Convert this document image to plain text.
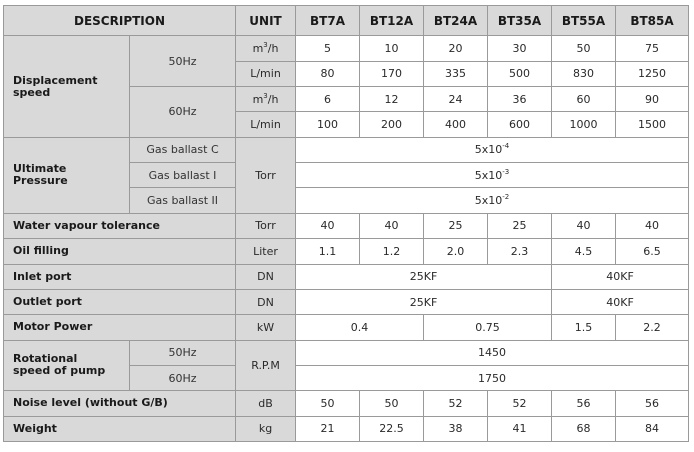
DESCRIPTION		UNIT	BT7A	BT12A	BT24A	BT35A	BT55A	BT85A
Displacement
speed	50Hz	$m^3/h$	5	10	20	30	50	75
		L/min	80	170	335	500	830	1250
	60Hz	$m^3/h$	6	12	24	36	60	90
		L/min	100	200	400	600	1000	1500
Ultimate
Pressure	Gas ballast C	Torr	$5x10^{-4}$
	Gas ballast I		$5x10^{-3}$
	Gas ballast II		$5x10^{-2}$
Water vapour tolerance		Torr	40	40	25	25	40	40
Oil filling		Liter	1.1	1.2	2.0	2.3	4.5	6.5
Inlet port		DN	25KF				40KF	
Outlet port		DN	25KF				40KF	
Motor Power		kW	0.4		0.75		1.5	2.2
Rotational
speed of pump	50Hz	R.P.M	1450					
	60Hz		1750					
Noise level (without G/B)		dB	50	50	52	52	56	56
Weight		kg	21	22.5	38	41	68	84
